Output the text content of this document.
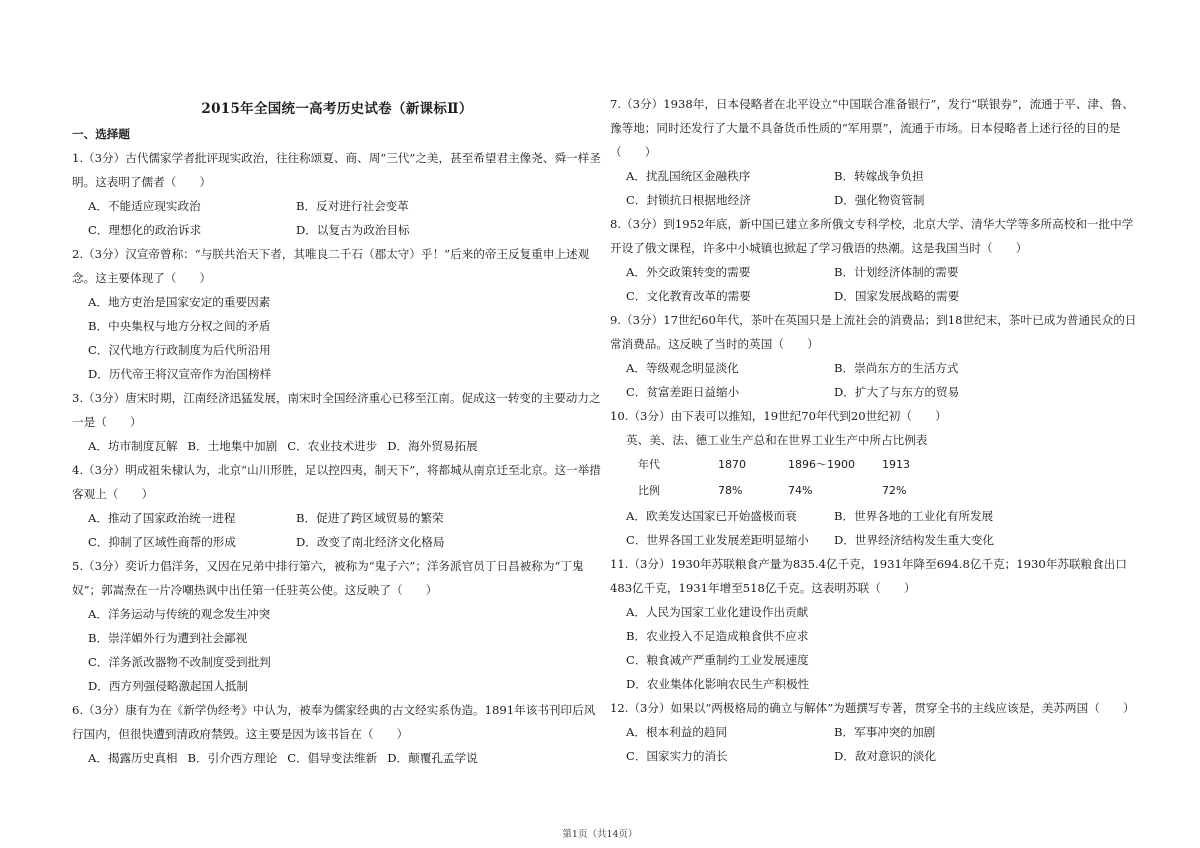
2015年全国统一高考历史试卷（新课标Ⅱ）
一、选择题

1.（3分）古代儒家学者批评现实政治，往往称颂夏、商、周“三代”之美，甚至希望君主像尧、舜一样圣明。这表明了儒者（　　）

A．不能适应现实政治	B．反对进行社会变革
C．理想化的政治诉求	D．以复古为政治目标

2.（3分）汉宣帝曾称：“与朕共治天下者，其唯良二千石（郡太守）乎！”后来的帝王反复重申上述观念。这主要体现了（　　）

A．地方吏治是国家安定的重要因素
B．中央集权与地方分权之间的矛盾
C．汉代地方行政制度为后代所沿用
D．历代帝王将汉宣帝作为治国榜样

3.（3分）唐宋时期，江南经济迅猛发展，南宋时全国经济重心已移至江南。促成这一转变的主要动力之一是（　　）

A．坊市制度瓦解 B．土地集中加剧 C．农业技术进步 D．海外贸易拓展

4.（3分）明成祖朱棣认为，北京“山川形胜，足以控四夷，制天下”，将都城从南京迁至北京。这一举措客观上（　　）

A．推动了国家政治统一进程	B．促进了跨区域贸易的繁荣
C．抑制了区域性商帮的形成	D．改变了南北经济文化格局

5.（3分）奕䜣力倡洋务，又因在兄弟中排行第六，被称为“鬼子六”；洋务派官员丁日昌被称为“丁鬼奴”；郭嵩焘在一片冷嘲热讽中出任第一任驻英公使。这反映了（　　）

A．洋务运动与传统的观念发生冲突
B．崇洋媚外行为遭到社会鄙视
C．洋务派改器物不改制度受到批判
D．西方列强侵略激起国人抵制

6.（3分）康有为在《新学伪经考》中认为，被奉为儒家经典的古文经实系伪造。1891年该书刊印后风行国内，但很快遭到清政府禁毁。这主要是因为该书旨在（　　）

A．揭露历史真相 B．引介西方理论 C．倡导变法维新 D．颠覆孔孟学说

7.（3分）1938年，日本侵略者在北平设立“中国联合准备银行”，发行“联银券”，流通于平、津、鲁、豫等地；同时还发行了大量不具备货币性质的“军用票”，流通于市场。日本侵略者上述行径的目的是（　　）

A．扰乱国统区金融秩序	B．转嫁战争负担
C．封锁抗日根据地经济	D．强化物资管制

8.（3分）到1952年底，新中国已建立多所俄文专科学校，北京大学、清华大学等多所高校和一批中学开设了俄文课程，许多中小城镇也掀起了学习俄语的热潮。这是我国当时（　　）

A．外交政策转变的需要	B．计划经济体制的需要
C．文化教育改革的需要	D．国家发展战略的需要

9.（3分）17世纪60年代，茶叶在英国只是上流社会的消费品；到18世纪末，茶叶已成为普通民众的日常消费品。这反映了当时的英国（　　）

A．等级观念明显淡化	B．崇尚东方的生活方式
C．贫富差距日益缩小	D．扩大了与东方的贸易

10.（3分）由下表可以推知，19世纪70年代到20世纪初（　　）

英、美、法、德工业生产总和在世界工业生产中所占比例表
年代	1870	1896～1900	1913
比例	78%	74%	72%
A．欧美发达国家已开始盛极而衰	B．世界各地的工业化有所发展
C．世界各国工业发展差距明显缩小	D．世界经济结构发生重大变化

11.（3分）1930年苏联粮食产量为835.4亿千克，1931年降至694.8亿千克；1930年苏联粮食出口483亿千克，1931年增至518亿千克。这表明苏联（　　）

A．人民为国家工业化建设作出贡献
B．农业投入不足造成粮食供不应求
C．粮食减产严重制约工业发展速度
D．农业集体化影响农民生产积极性

12.（3分）如果以“两极格局的确立与解体”为题撰写专著，贯穿全书的主线应该是，美苏两国（　　）

A．根本利益的趋同	B．军事冲突的加剧
C．国家实力的消长	D．敌对意识的淡化
第1页（共14页）
